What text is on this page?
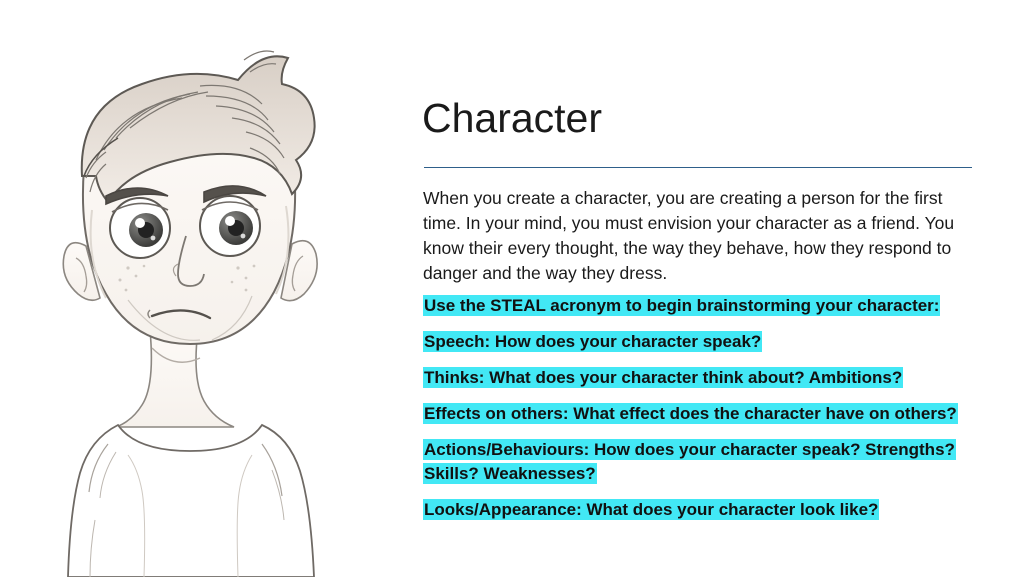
Character
When you create a character, you are creating a person for the first time. In your mind, you must envision your character as a friend. You know their every thought, the way they behave, how they respond to danger and the way they dress.
Use the STEAL acronym to begin brainstorming your character:
Speech: How does your character speak?
Thinks: What does your character think about? Ambitions?
Effects on others: What effect does the character have on others?
Actions/Behaviours: How does your character speak? Strengths? Skills? Weaknesses?
Looks/Appearance: What does your character look like?
